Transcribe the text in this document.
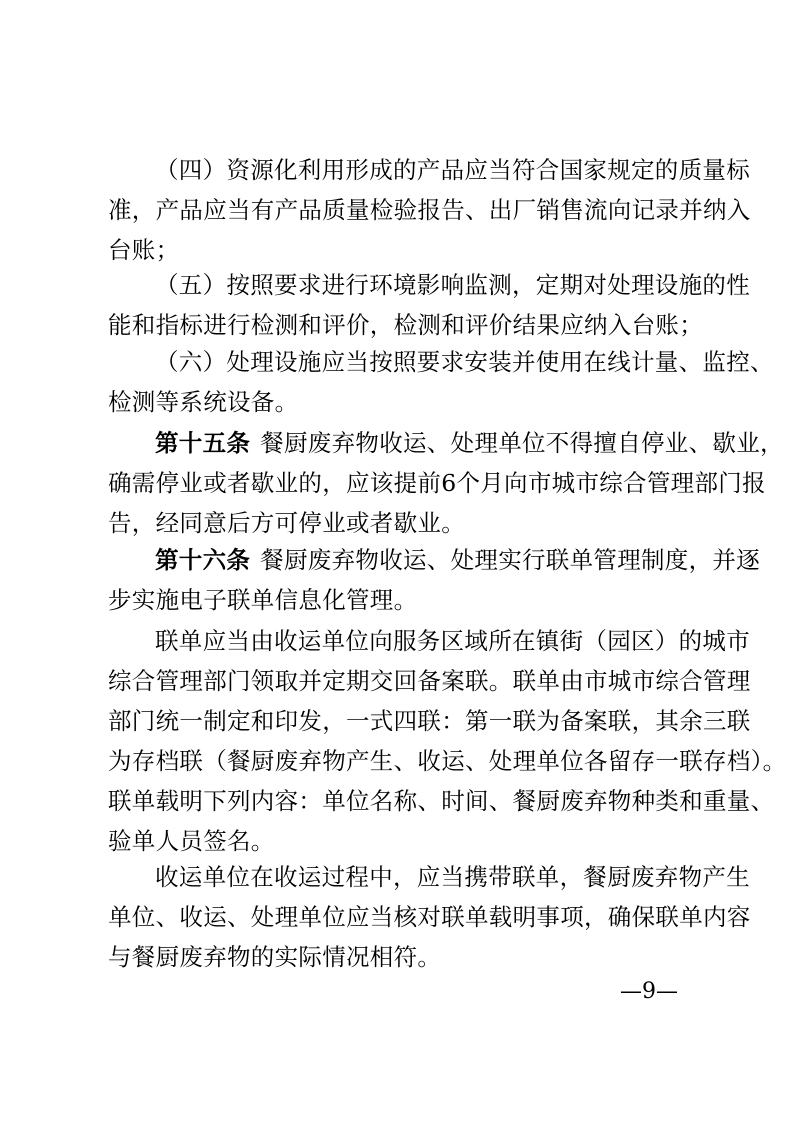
（四）资源化利用形成的产品应当符合国家规定的质量标
准，产品应当有产品质量检验报告、出厂销售流向记录并纳入
台账；
（五）按照要求进行环境影响监测，定期对处理设施的性
能和指标进行检测和评价，检测和评价结果应纳入台账；
（六）处理设施应当按照要求安装并使用在线计量、监控、
检测等系统设备。
第十五条 餐厨废弃物收运、处理单位不得擅自停业、歇业，
确需停业或者歇业的，应该提前6个月向市城市综合管理部门报
告，经同意后方可停业或者歇业。
第十六条 餐厨废弃物收运、处理实行联单管理制度，并逐
步实施电子联单信息化管理。
联单应当由收运单位向服务区域所在镇街（园区）的城市
综合管理部门领取并定期交回备案联。联单由市城市综合管理
部门统一制定和印发，一式四联：第一联为备案联，其余三联
为存档联（餐厨废弃物产生、收运、处理单位各留存一联存档）。
联单载明下列内容：单位名称、时间、餐厨废弃物种类和重量、
验单人员签名。
收运单位在收运过程中，应当携带联单，餐厨废弃物产生
单位、收运、处理单位应当核对联单载明事项，确保联单内容
与餐厨废弃物的实际情况相符。
—9—
